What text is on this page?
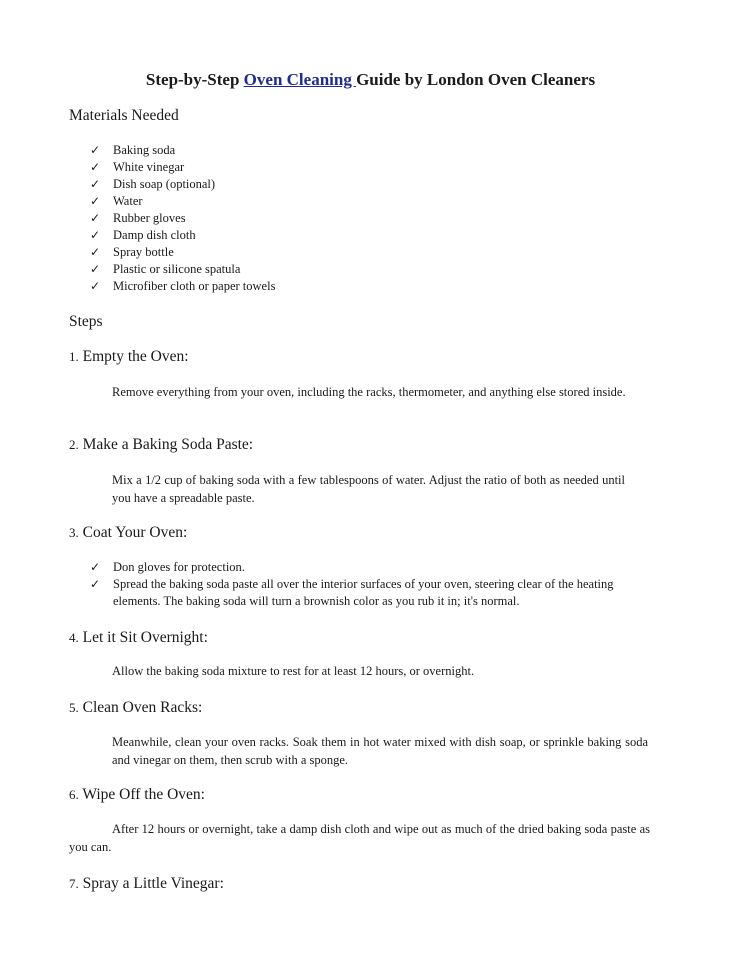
Step-by-Step Oven Cleaning Guide by London Oven Cleaners
Materials Needed
✓ Baking soda
✓ White vinegar
✓ Dish soap (optional)
✓ Water
✓ Rubber gloves
✓ Damp dish cloth
✓ Spray bottle
✓ Plastic or silicone spatula
✓ Microfiber cloth or paper towels
Steps
1. Empty the Oven:
Remove everything from your oven, including the racks, thermometer, and anything else stored inside.
2. Make a Baking Soda Paste:
Mix a 1/2 cup of baking soda with a few tablespoons of water. Adjust the ratio of both as needed until you have a spreadable paste.
3. Coat Your Oven:
✓ Don gloves for protection.
✓ Spread the baking soda paste all over the interior surfaces of your oven, steering clear of the heating elements. The baking soda will turn a brownish color as you rub it in; it's normal.
4. Let it Sit Overnight:
Allow the baking soda mixture to rest for at least 12 hours, or overnight.
5. Clean Oven Racks:
Meanwhile, clean your oven racks. Soak them in hot water mixed with dish soap, or sprinkle baking soda and vinegar on them, then scrub with a sponge.
6. Wipe Off the Oven:
After 12 hours or overnight, take a damp dish cloth and wipe out as much of the dried baking soda paste as you can.
7. Spray a Little Vinegar:
